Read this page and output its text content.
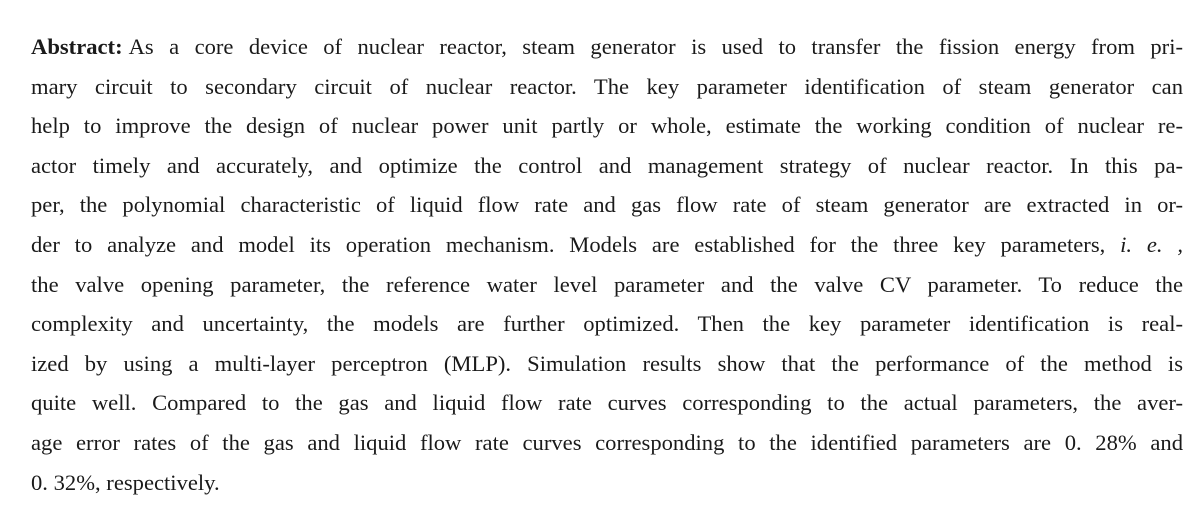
Abstract: As a core device of nuclear reactor, steam generator is used to transfer the fission energy from pri-
mary circuit to secondary circuit of nuclear reactor. The key parameter identification of steam generator can
help to improve the design of nuclear power unit partly or whole, estimate the working condition of nuclear re-
actor timely and accurately, and optimize the control and management strategy of nuclear reactor. In this pa-
per, the polynomial characteristic of liquid flow rate and gas flow rate of steam generator are extracted in or-
der to analyze and model its operation mechanism. Models are established for the three key parameters, i. e. ,
the valve opening parameter, the reference water level parameter and the valve CV parameter. To reduce the
complexity and uncertainty, the models are further optimized. Then the key parameter identification is real-
ized by using a multi-layer perceptron (MLP). Simulation results show that the performance of the method is
quite well. Compared to the gas and liquid flow rate curves corresponding to the actual parameters, the aver-
age error rates of the gas and liquid flow rate curves corresponding to the identified parameters are 0. 28% and
0. 32%, respectively.
